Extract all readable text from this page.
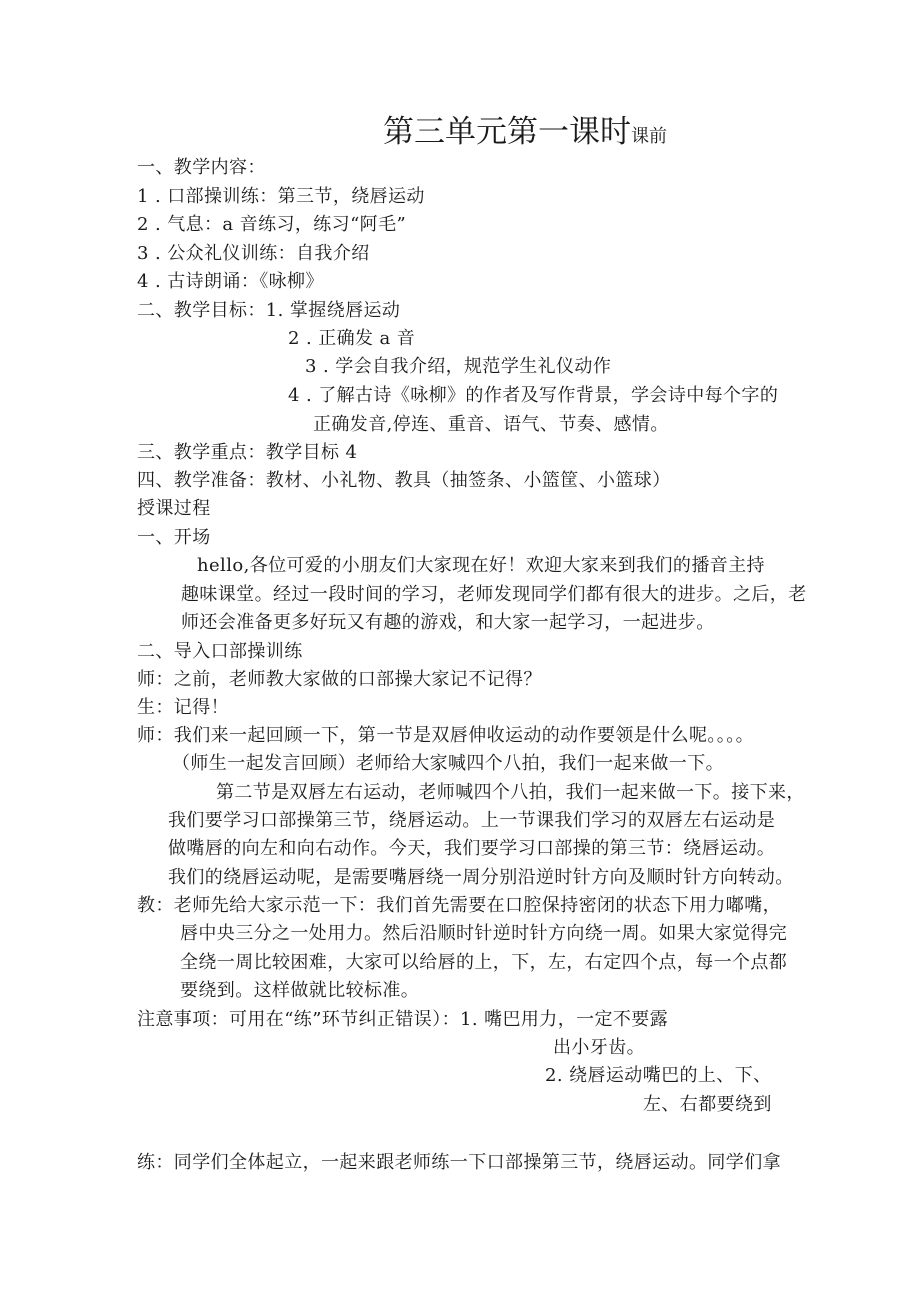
第三单元第一课时课前
一、教学内容：
1 . 口部操训练：第三节，绕唇运动
2 . 气息：a 音练习，练习“阿毛”
3 . 公众礼仪训练：自我介绍
4 . 古诗朗诵：《咏柳》
二、教学目标：1. 掌握绕唇运动
2 . 正确发 a 音
3 . 学会自我介绍，规范学生礼仪动作
4 . 了解古诗《咏柳》的作者及写作背景，学会诗中每个字的
正确发音,停连、重音、语气、节奏、感情。
三、教学重点：教学目标 4
四、教学准备：教材、小礼物、教具（抽签条、小篮筐、小篮球）
授课过程
一、开场
hello,各位可爱的小朋友们大家现在好！欢迎大家来到我们的播音主持
趣味课堂。经过一段时间的学习，老师发现同学们都有很大的进步。之后，老
师还会准备更多好玩又有趣的游戏，和大家一起学习，一起进步。
二、导入口部操训练
师：之前，老师教大家做的口部操大家记不记得？
生：记得！
师：我们来一起回顾一下，第一节是双唇伸收运动的动作要领是什么呢。。。。
（师生一起发言回顾）老师给大家喊四个八拍，我们一起来做一下。
第二节是双唇左右运动，老师喊四个八拍，我们一起来做一下。接下来，
我们要学习口部操第三节，绕唇运动。上一节课我们学习的双唇左右运动是
做嘴唇的向左和向右动作。今天，我们要学习口部操的第三节：绕唇运动。
我们的绕唇运动呢，是需要嘴唇绕一周分别沿逆时针方向及顺时针方向转动。
教：老师先给大家示范一下：我们首先需要在口腔保持密闭的状态下用力嘟嘴，
唇中央三分之一处用力。然后沿顺时针逆时针方向绕一周。如果大家觉得完
全绕一周比较困难，大家可以给唇的上，下，左，右定四个点，每一个点都
要绕到。这样做就比较标准。
注意事项：可用在“练”环节纠正错误）：1. 嘴巴用力，一定不要露
出小牙齿。
2. 绕唇运动嘴巴的上、下、
左、右都要绕到
练：同学们全体起立，一起来跟老师练一下口部操第三节，绕唇运动。同学们拿
